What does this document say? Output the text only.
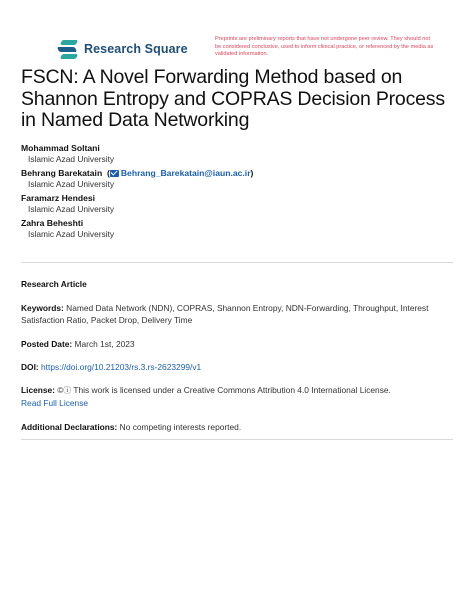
Research Square
Preprints are preliminary reports that have not undergone peer review. They should not be considered conclusive, used to inform clinical practice, or referenced by the media as validated information.
FSCN: A Novel Forwarding Method based on Shannon Entropy and COPRAS Decision Process in Named Data Networking
Mohammad Soltani
Islamic Azad University
Behrang Barekatain  ( Behrang_Barekatain@iaun.ac.ir)
Islamic Azad University
Faramarz Hendesi
Islamic Azad University
Zahra Beheshti
Islamic Azad University
Research Article
Keywords: Named Data Network (NDN), COPRAS, Shannon Entropy, NDN-Forwarding, Throughput, Interest Satisfaction Ratio, Packet Drop, Delivery Time
Posted Date: March 1st, 2023
DOI: https://doi.org/10.21203/rs.3.rs-2623299/v1
License: ©ⓘ This work is licensed under a Creative Commons Attribution 4.0 International License.
Read Full License
Additional Declarations: No competing interests reported.
